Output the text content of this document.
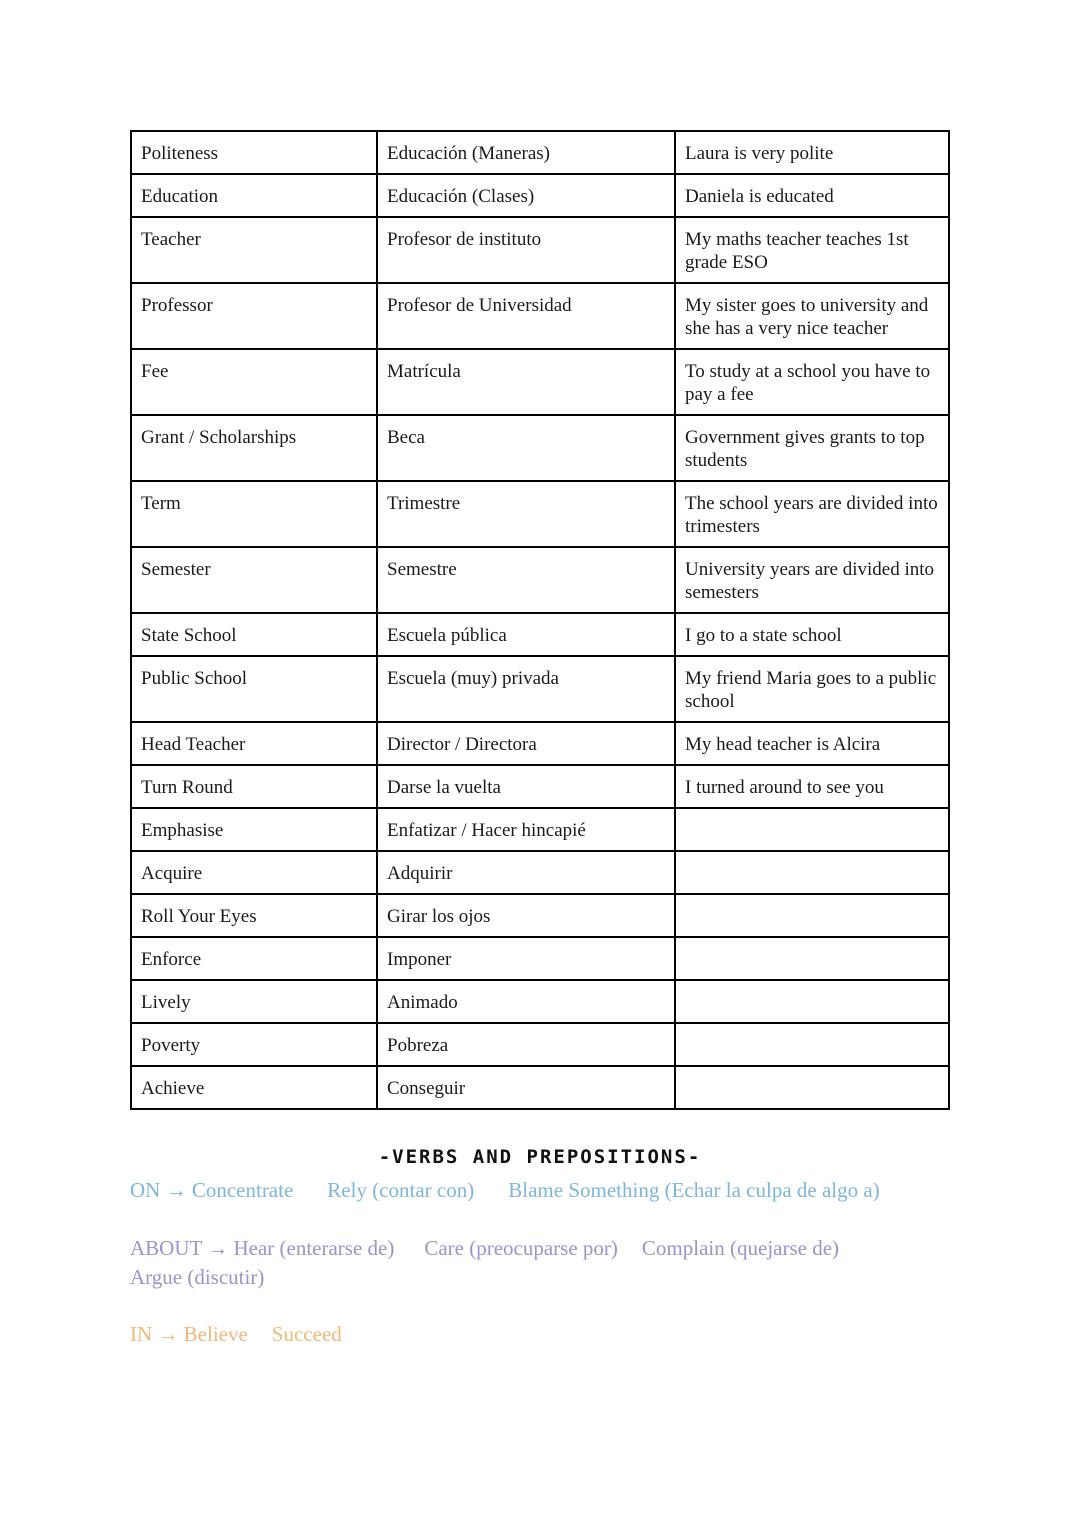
Politeness	Educación (Maneras)	Laura is very polite
Education	Educación (Clases)	Daniela is educated
Teacher	Profesor de instituto	My maths teacher teaches 1st grade ESO
Professor	Profesor de Universidad	My sister goes to university and she has a very nice teacher
Fee	Matrícula	To study at a school you have to pay a fee
Grant / Scholarships	Beca	Government gives grants to top students
Term	Trimestre	The school years are divided into trimesters
Semester	Semestre	University years are divided into semesters
State School	Escuela pública	I go to a state school
Public School	Escuela (muy) privada	My friend Maria goes to a public school
Head Teacher	Director / Directora	My head teacher is Alcira
Turn Round	Darse la vuelta	I turned around to see you
Emphasise	Enfatizar / Hacer hincapié	
Acquire	Adquirir	
Roll Your Eyes	Girar los ojos	
Enforce	Imponer	
Lively	Animado	
Poverty	Pobreza	
Achieve	Conseguir	
-VERBS AND PREPOSITIONS-
ON → Concentrate Rely (contar con) Blame Something (Echar la culpa de algo a)
ABOUT → Hear (enterarse de) Care (preocuparse por) Complain (quejarse de)
Argue (discutir)
IN → Believe Succeed
